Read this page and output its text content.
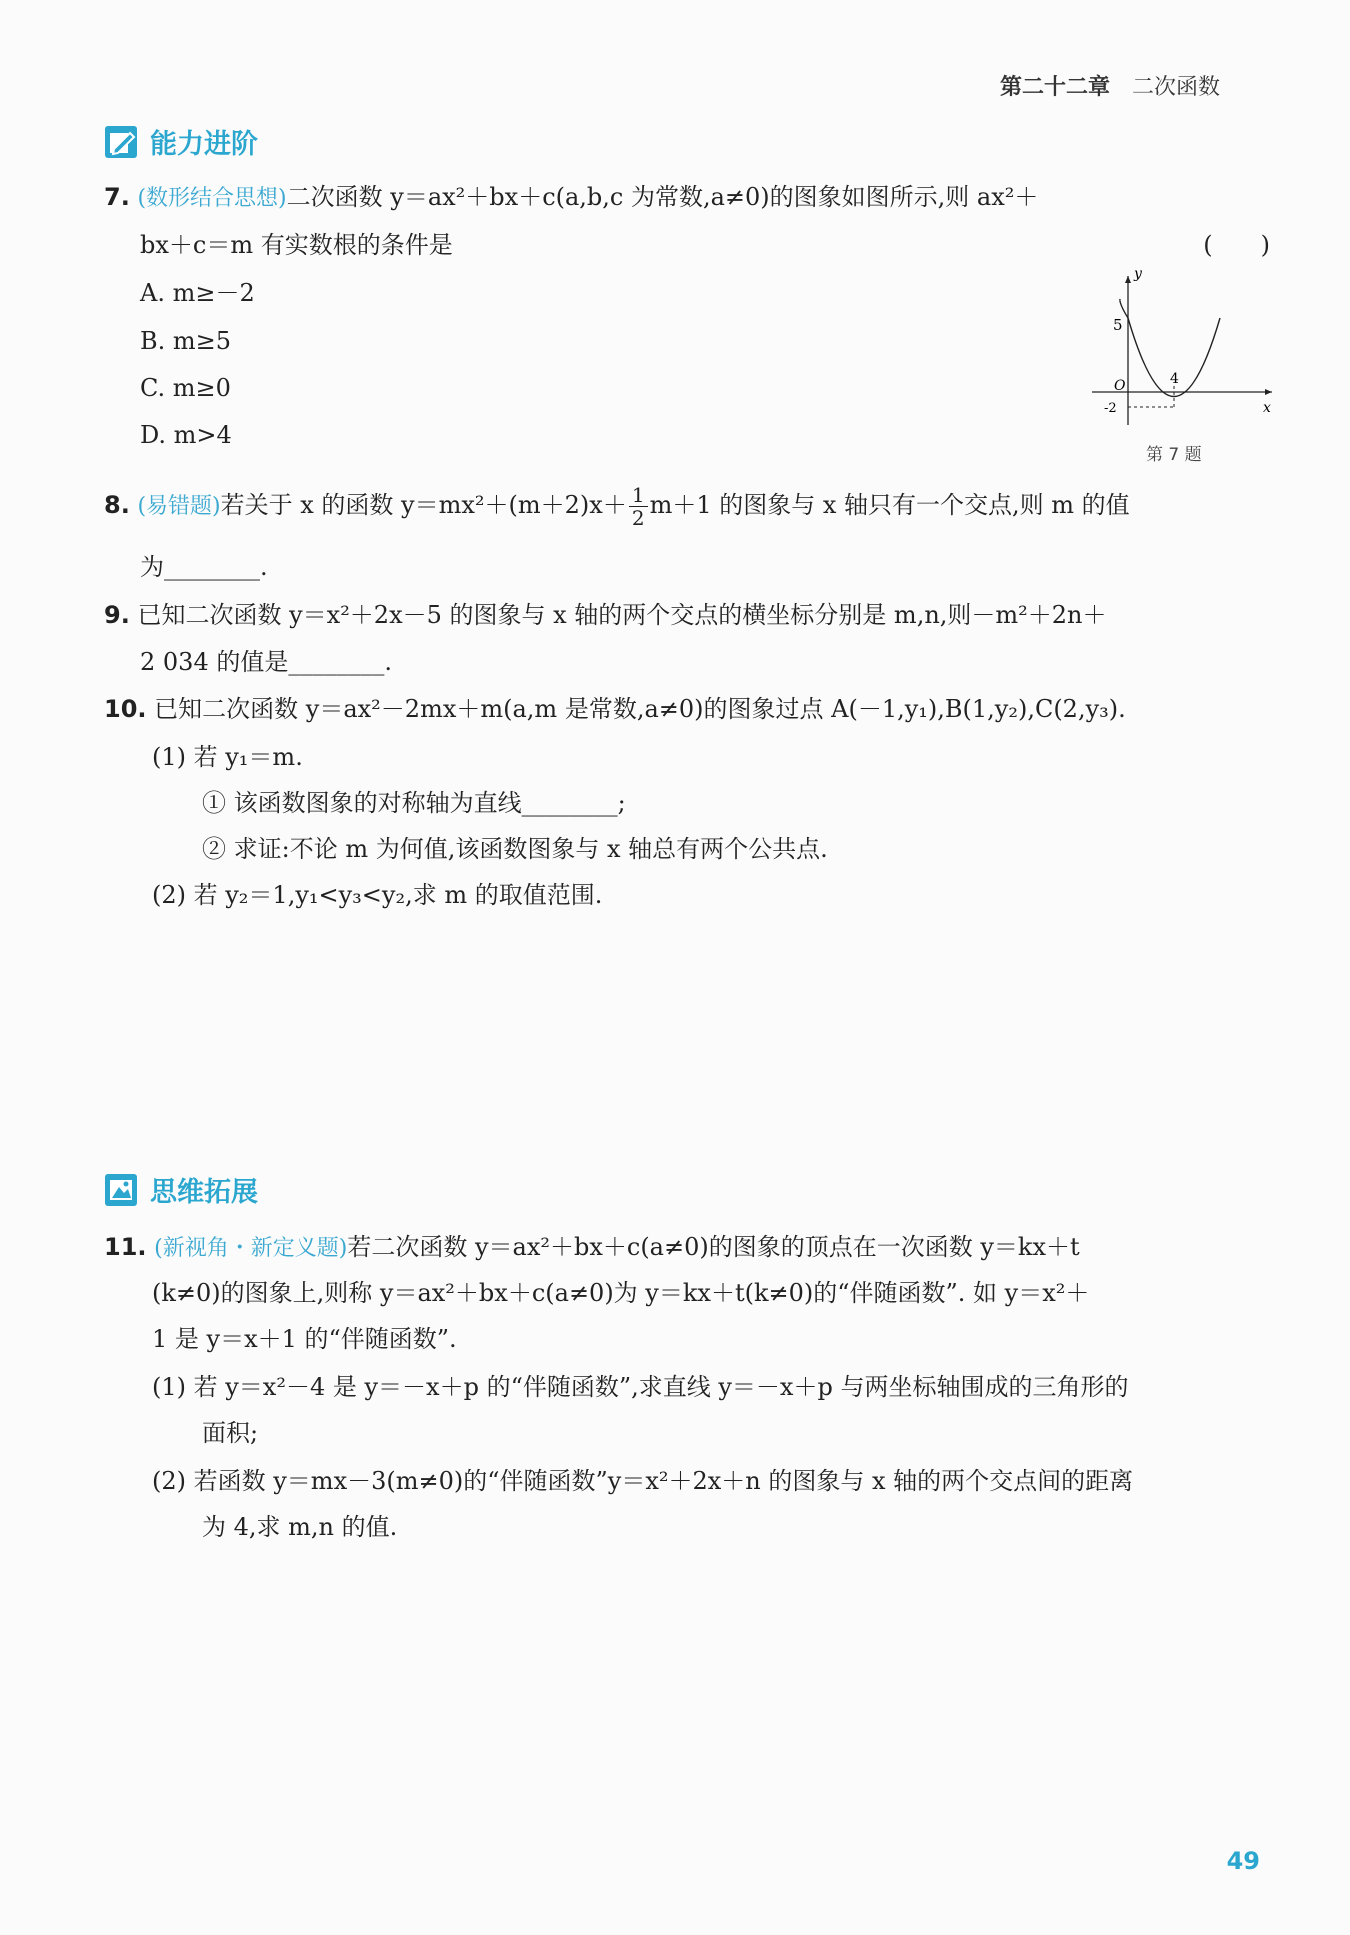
第二十二章 二次函数
能力进阶
7. (数形结合思想)二次函数 y＝ax²＋bx＋c(a,b,c 为常数,a≠0)的图象如图所示,则 ax²＋
bx＋c＝m 有实数根的条件是	(　　)
A. m≥－2
B. m≥5
C. m≥0
D. m>4
y
x
5
4
O
-2
第 7 题
8. (易错题)若关于 x 的函数 $y=mx^2+(m+2)x+ \frac{1}{2} m+1$ 的图象与 x 轴只有一个交点,则 m 的值
为________.
9. 已知二次函数 y＝x²＋2x－5 的图象与 x 轴的两个交点的横坐标分别是 m,n,则－m²＋2n＋
2 034 的值是________.
10. 已知二次函数 y＝ax²－2mx＋m(a,m 是常数,a≠0)的图象过点 A(－1,y₁),B(1,y₂),C(2,y₃).
(1) 若 y₁＝m.
① 该函数图象的对称轴为直线________;
② 求证:不论 m 为何值,该函数图象与 x 轴总有两个公共点.
(2) 若 y₂＝1,y₁<y₃<y₂,求 m 的取值范围.
思维拓展
11. (新视角・新定义题)若二次函数 y＝ax²＋bx＋c(a≠0)的图象的顶点在一次函数 y＝kx＋t
(k≠0)的图象上,则称 y＝ax²＋bx＋c(a≠0)为 y＝kx＋t(k≠0)的“伴随函数”. 如 y＝x²＋
1 是 y＝x＋1 的“伴随函数”.
(1) 若 y＝x²－4 是 y＝－x＋p 的“伴随函数”,求直线 y＝－x＋p 与两坐标轴围成的三角形的
面积;
(2) 若函数 y＝mx－3(m≠0)的“伴随函数”y＝x²＋2x＋n 的图象与 x 轴的两个交点间的距离
为 4,求 m,n 的值.
49
